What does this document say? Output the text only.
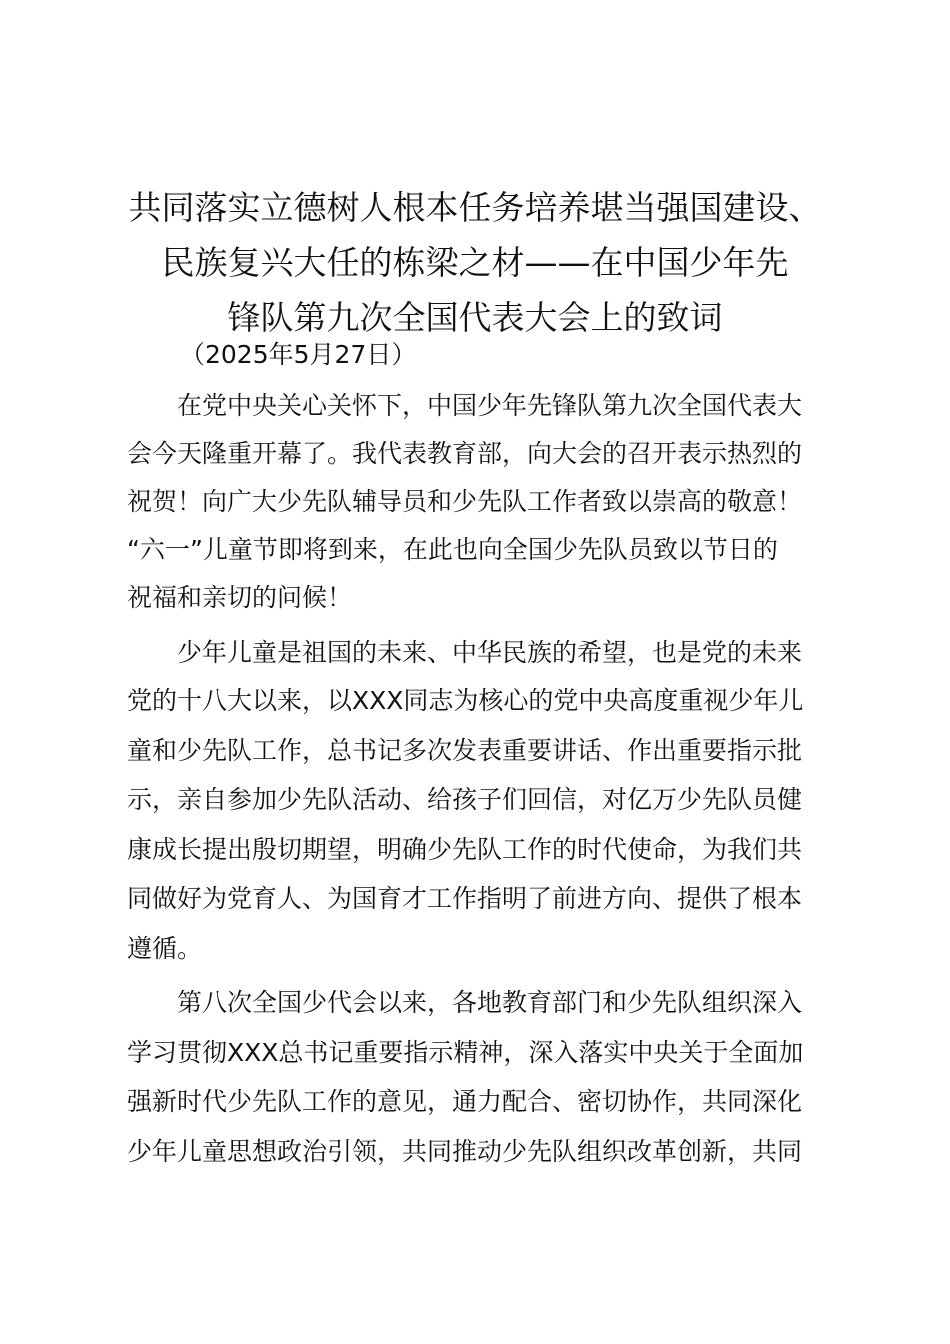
共同落实立德树人根本任务培养堪当强国建设、
民族复兴大任的栋梁之材——在中国少年先
锋队第九次全国代表大会上的致词
（2025年5月27日）
在党中央关心关怀下，中国少年先锋队第九次全国代表大
会今天隆重开幕了。我代表教育部，向大会的召开表示热烈的
祝贺！向广大少先队辅导员和少先队工作者致以崇高的敬意！
“六一”儿童节即将到来，在此也向全国少先队员致以节日的
祝福和亲切的问候！
少年儿童是祖国的未来、中华民族的希望，也是党的未来
党的十八大以来，以XXX同志为核心的党中央高度重视少年儿
童和少先队工作，总书记多次发表重要讲话、作出重要指示批
示，亲自参加少先队活动、给孩子们回信，对亿万少先队员健
康成长提出殷切期望，明确少先队工作的时代使命，为我们共
同做好为党育人、为国育才工作指明了前进方向、提供了根本
遵循。
第八次全国少代会以来，各地教育部门和少先队组织深入
学习贯彻XXX总书记重要指示精神，深入落实中央关于全面加
强新时代少先队工作的意见，通力配合、密切协作，共同深化
少年儿童思想政治引领，共同推动少先队组织改革创新，共同
